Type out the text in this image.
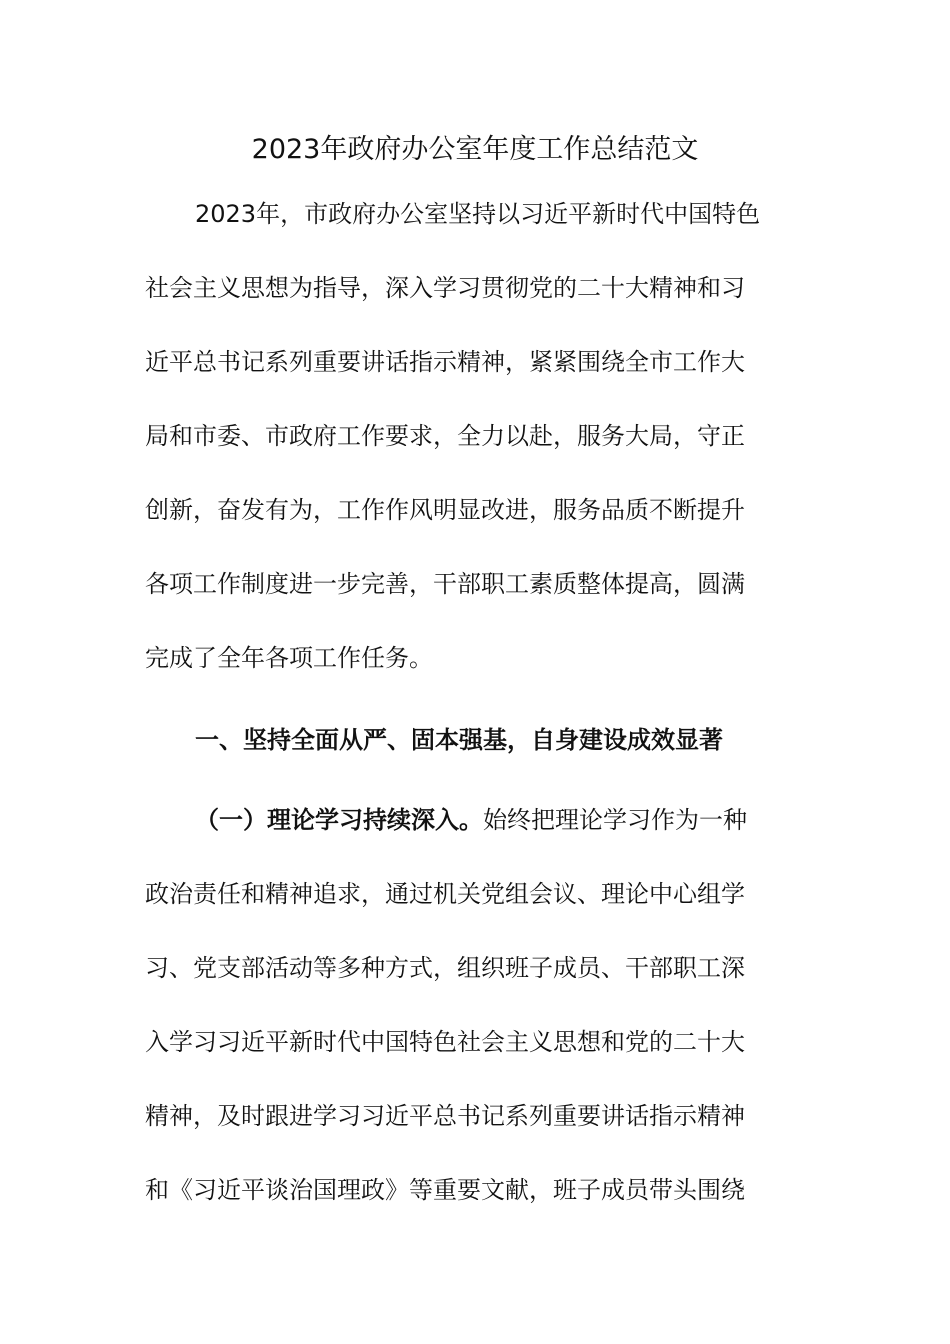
2023年政府办公室年度工作总结范文

2023年，市政府办公室坚持以习近平新时代中国特色

社会主义思想为指导，深入学习贯彻党的二十大精神和习

近平总书记系列重要讲话指示精神，紧紧围绕全市工作大

局和市委、市政府工作要求，全力以赴，服务大局，守正

创新，奋发有为，工作作风明显改进，服务品质不断提升

各项工作制度进一步完善，干部职工素质整体提高，圆满

完成了全年各项工作任务。

一、坚持全面从严、固本强基，自身建设成效显著

（一）理论学习持续深入。始终把理论学习作为一种

政治责任和精神追求，通过机关党组会议、理论中心组学

习、党支部活动等多种方式，组织班子成员、干部职工深

入学习习近平新时代中国特色社会主义思想和党的二十大

精神，及时跟进学习习近平总书记系列重要讲话指示精神

和《习近平谈治国理政》等重要文献，班子成员带头围绕
